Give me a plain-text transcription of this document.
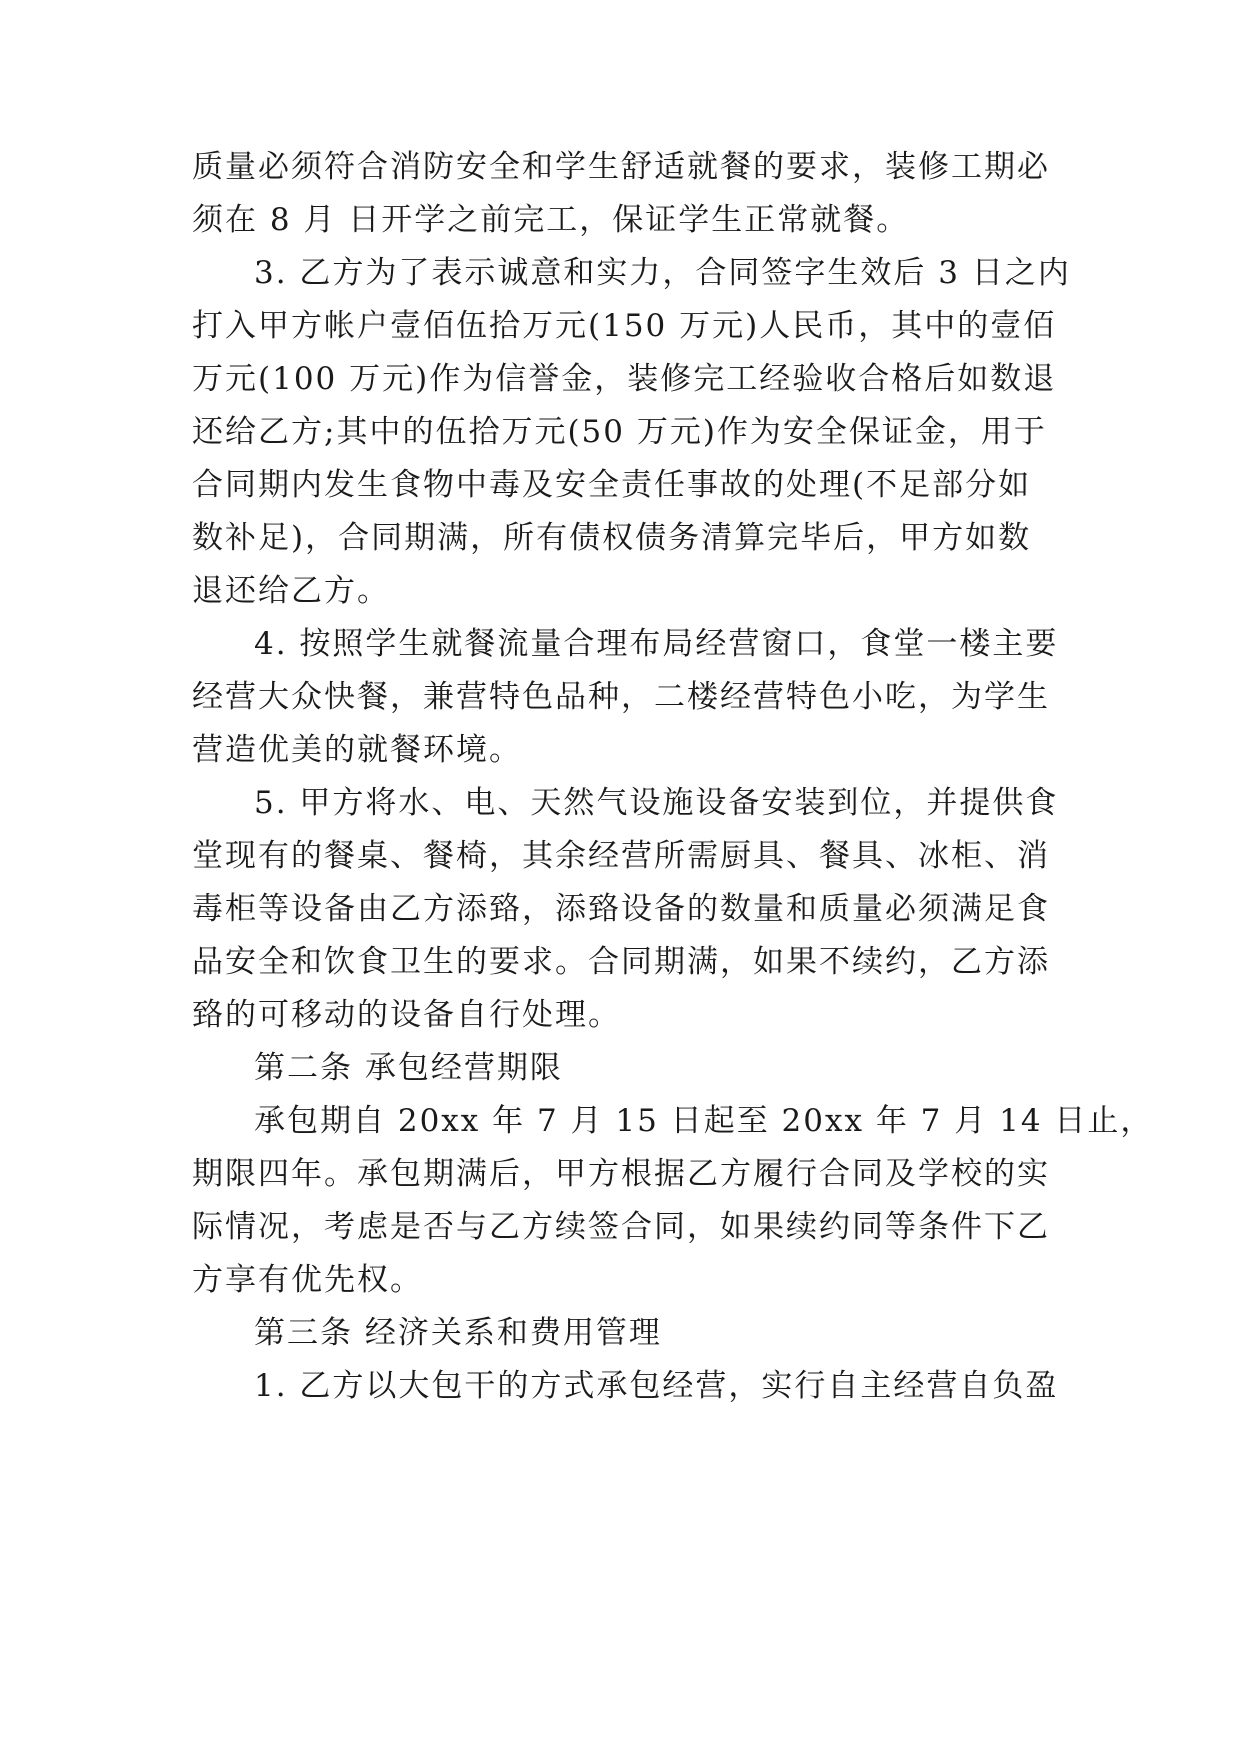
质量必须符合消防安全和学生舒适就餐的要求，装修工期必
须在 8 月 日开学之前完工，保证学生正常就餐。
3. 乙方为了表示诚意和实力，合同签字生效后 3 日之内
打入甲方帐户壹佰伍拾万元(150 万元)人民币，其中的壹佰
万元(100 万元)作为信誉金，装修完工经验收合格后如数退
还给乙方;其中的伍拾万元(50 万元)作为安全保证金，用于
合同期内发生食物中毒及安全责任事故的处理(不足部分如
数补足)，合同期满，所有债权债务清算完毕后，甲方如数
退还给乙方。
4. 按照学生就餐流量合理布局经营窗口，食堂一楼主要
经营大众快餐，兼营特色品种，二楼经营特色小吃，为学生
营造优美的就餐环境。
5. 甲方将水、电、天然气设施设备安装到位，并提供食
堂现有的餐桌、餐椅，其余经营所需厨具、餐具、冰柜、消
毒柜等设备由乙方添臵，添臵设备的数量和质量必须满足食
品安全和饮食卫生的要求。合同期满，如果不续约，乙方添
臵的可移动的设备自行处理。
第二条 承包经营期限
承包期自 20xx 年 7 月 15 日起至 20xx 年 7 月 14 日止，
期限四年。承包期满后，甲方根据乙方履行合同及学校的实
际情况，考虑是否与乙方续签合同，如果续约同等条件下乙
方享有优先权。
第三条 经济关系和费用管理
1. 乙方以大包干的方式承包经营，实行自主经营自负盈
